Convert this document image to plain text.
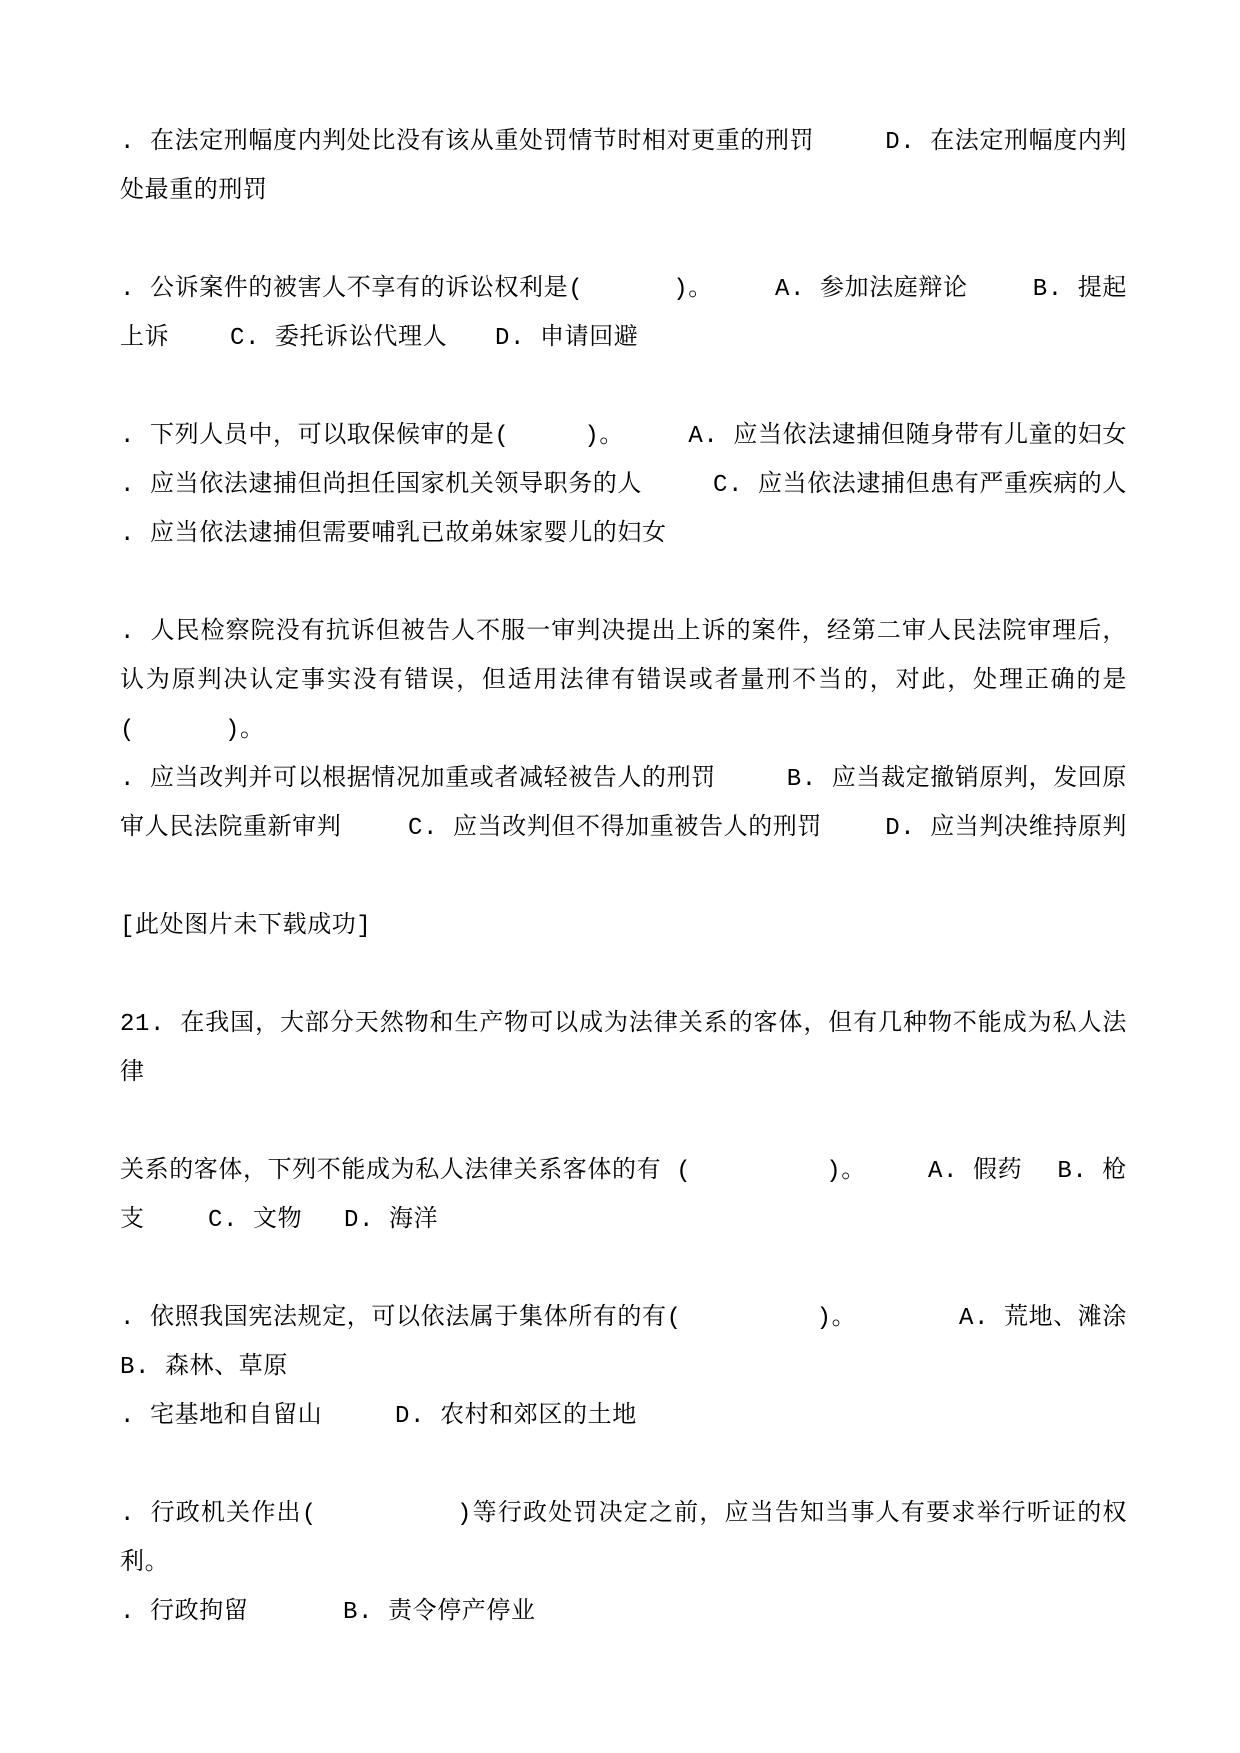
. 在法定刑幅度内判处比没有该从重处罚情节时相对更重的刑罚	D. 在法定刑幅度内判
处最重的刑罚
. 公诉案件的被害人不享有的诉讼权利是(      )。	A. 参加法庭辩论	B. 提起
上诉	C. 委托诉讼代理人 D. 申请回避
. 下列人员中，可以取保候审的是(     )。	A. 应当依法逮捕但随身带有儿童的妇女
. 应当依法逮捕但尚担任国家机关领导职务的人	C. 应当依法逮捕但患有严重疾病的人
. 应当依法逮捕但需要哺乳已故弟妹家婴儿的妇女
. 人民检察院没有抗诉但被告人不服一审判决提出上诉的案件，经第二审人民法院审理后，
认为原判决认定事实没有错误，但适用法律有错误或者量刑不当的，对此，处理正确的是
(      )。
. 应当改判并可以根据情况加重或者减轻被告人的刑罚	B. 应当裁定撤销原判，发回原
审人民法院重新审判	C. 应当改判但不得加重被告人的刑罚	D. 应当判决维持原判
[此处图片未下载成功]
21. 在我国，大部分天然物和生产物可以成为法律关系的客体，但有几种物不能成为私人法
律
关系的客体，下列不能成为私人法律关系客体的有 (         )。	A. 假药 B. 枪
支	C. 文物 D. 海洋
. 依照我国宪法规定，可以依法属于集体所有的有(         )。	A. 荒地、滩涂
B. 森林、草原
. 宅基地和自留山	D. 农村和郊区的土地
. 行政机关作出(         )等行政处罚决定之前，应当告知当事人有要求举行听证的权
利。
. 行政拘留	B. 责令停产停业
